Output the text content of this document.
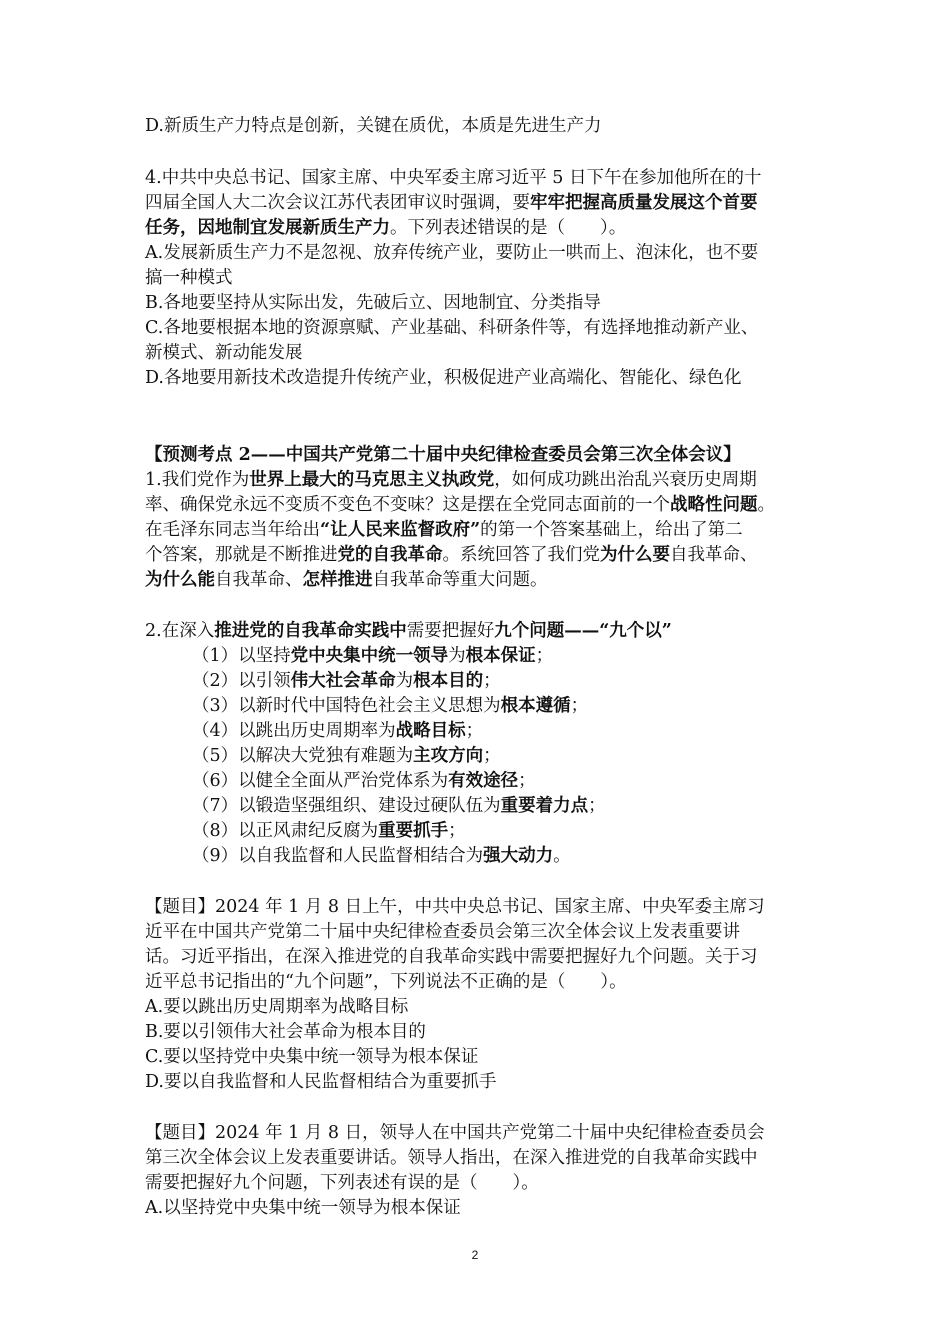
D.新质生产力特点是创新，关键在质优，本质是先进生产力
4.中共中央总书记、国家主席、中央军委主席习近平 5 日下午在参加他所在的十
四届全国人大二次会议江苏代表团审议时强调，要牢牢把握高质量发展这个首要
任务，因地制宜发展新质生产力。下列表述错误的是（　　）。
A.发展新质生产力不是忽视、放弃传统产业，要防止一哄而上、泡沫化，也不要
搞一种模式
B.各地要坚持从实际出发，先破后立、因地制宜、分类指导
C.各地要根据本地的资源禀赋、产业基础、科研条件等，有选择地推动新产业、
新模式、新动能发展
D.各地要用新技术改造提升传统产业，积极促进产业高端化、智能化、绿色化
【预测考点 2——中国共产党第二十届中央纪律检查委员会第三次全体会议】
1.我们党作为世界上最大的马克思主义执政党，如何成功跳出治乱兴衰历史周期
率、确保党永远不变质不变色不变味？这是摆在全党同志面前的一个战略性问题。
在毛泽东同志当年给出“让人民来监督政府”的第一个答案基础上，给出了第二
个答案，那就是不断推进党的自我革命。系统回答了我们党为什么要自我革命、
为什么能自我革命、怎样推进自我革命等重大问题。
2.在深入推进党的自我革命实践中需要把握好九个问题——“九个以”
（1）以坚持党中央集中统一领导为根本保证；
（2）以引领伟大社会革命为根本目的；
（3）以新时代中国特色社会主义思想为根本遵循；
（4）以跳出历史周期率为战略目标；
（5）以解决大党独有难题为主攻方向；
（6）以健全全面从严治党体系为有效途径；
（7）以锻造坚强组织、建设过硬队伍为重要着力点；
（8）以正风肃纪反腐为重要抓手；
（9）以自我监督和人民监督相结合为强大动力。
【题目】2024 年 1 月 8 日上午，中共中央总书记、国家主席、中央军委主席习
近平在中国共产党第二十届中央纪律检查委员会第三次全体会议上发表重要讲
话。习近平指出，在深入推进党的自我革命实践中需要把握好九个问题。关于习
近平总书记指出的“九个问题”，下列说法不正确的是（　　）。
A.要以跳出历史周期率为战略目标
B.要以引领伟大社会革命为根本目的
C.要以坚持党中央集中统一领导为根本保证
D.要以自我监督和人民监督相结合为重要抓手
【题目】2024 年 1 月 8 日，领导人在中国共产党第二十届中央纪律检查委员会
第三次全体会议上发表重要讲话。领导人指出，在深入推进党的自我革命实践中
需要把握好九个问题，下列表述有误的是（　　）。
A.以坚持党中央集中统一领导为根本保证
2
